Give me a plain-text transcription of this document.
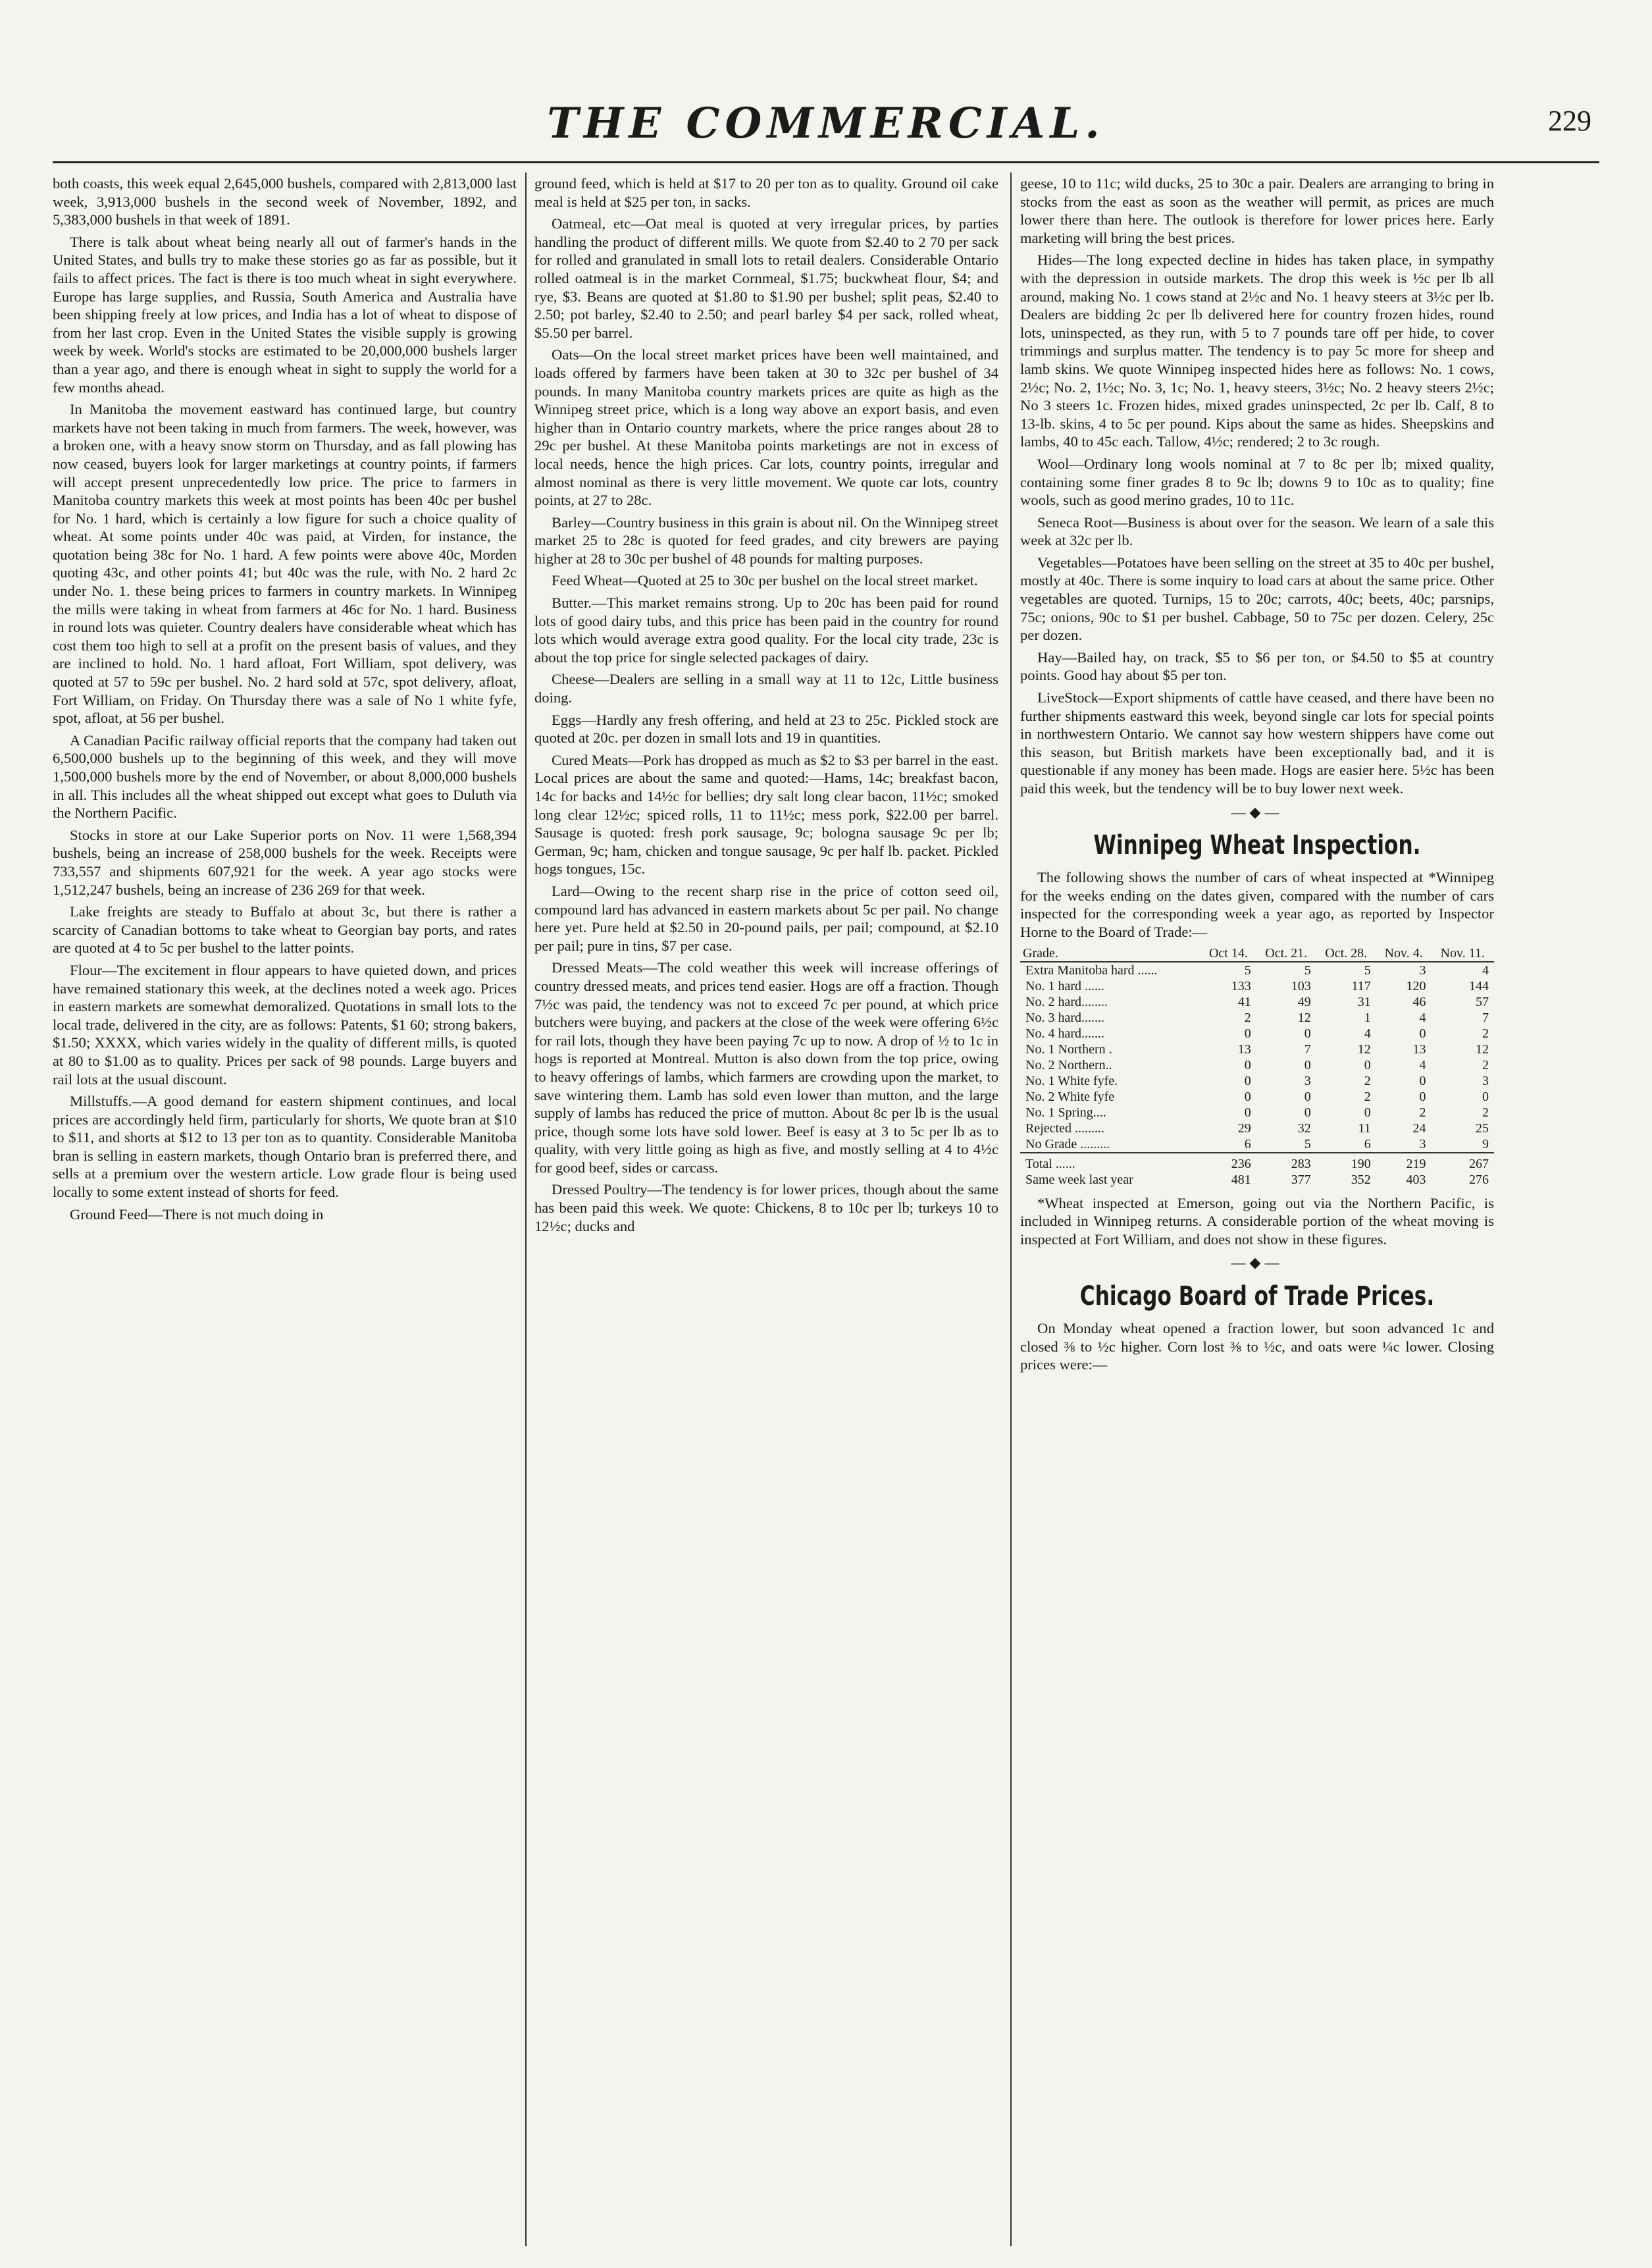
THE COMMERCIAL.	229

both coasts, this week equal 2,645,000 bushels, compared with 2,813,000 last week, 3,913,000 bushels in the second week of November, 1892, and 5,383,000 bushels in that week of 1891.

There is talk about wheat being nearly all out of farmer's hands in the United States, and bulls try to make these stories go as far as possible, but it fails to affect prices. The fact is there is too much wheat in sight everywhere. Europe has large supplies, and Russia, South America and Australia have been shipping freely at low prices, and India has a lot of wheat to dispose of from her last crop. Even in the United States the visible supply is growing week by week. World's stocks are estimated to be 20,000,000 bushels larger than a year ago, and there is enough wheat in sight to supply the world for a few months ahead.

In Manitoba the movement eastward has continued large, but country markets have not been taking in much from farmers. The week, however, was a broken one, with a heavy snow storm on Thursday, and as fall plowing has now ceased, buyers look for larger marketings at country points, if farmers will accept present unprecedentedly low price. The price to farmers in Manitoba country markets this week at most points has been 40c per bushel for No. 1 hard, which is certainly a low figure for such a choice quality of wheat. At some points under 40c was paid, at Virden, for instance, the quotation being 38c for No. 1 hard. A few points were above 40c, Morden quoting 43c, and other points 41; but 40c was the rule, with No. 2 hard 2c under No. 1. these being prices to farmers in country markets. In Winnipeg the mills were taking in wheat from farmers at 46c for No. 1 hard. Business in round lots was quieter. Country dealers have considerable wheat which has cost them too high to sell at a profit on the present basis of values, and they are inclined to hold. No. 1 hard afloat, Fort William, spot delivery, was quoted at 57 to 59c per bushel. No. 2 hard sold at 57c, spot delivery, afloat, Fort William, on Friday. On Thursday there was a sale of No 1 white fyfe, spot, afloat, at 56 per bushel.

A Canadian Pacific railway official reports that the company had taken out 6,500,000 bushels up to the beginning of this week, and they will move 1,500,000 bushels more by the end of November, or about 8,000,000 bushels in all. This includes all the wheat shipped out except what goes to Duluth via the Northern Pacific.

Stocks in store at our Lake Superior ports on Nov. 11 were 1,568,394 bushels, being an increase of 258,000 bushels for the week. Receipts were 733,557 and shipments 607,921 for the week. A year ago stocks were 1,512,247 bushels, being an increase of 236 269 for that week.

Lake freights are steady to Buffalo at about 3c, but there is rather a scarcity of Canadian bottoms to take wheat to Georgian bay ports, and rates are quoted at 4 to 5c per bushel to the latter points.

Flour—The excitement in flour appears to have quieted down, and prices have remained stationary this week, at the declines noted a week ago. Prices in eastern markets are somewhat demoralized. Quotations in small lots to the local trade, delivered in the city, are as follows: Patents, $1 60; strong bakers, $1.50; XXXX, which varies widely in the quality of different mills, is quoted at 80 to $1.00 as to quality. Prices per sack of 98 pounds. Large buyers and rail lots at the usual discount.

Millstuffs.—A good demand for eastern shipment continues, and local prices are accordingly held firm, particularly for shorts, We quote bran at $10 to $11, and shorts at $12 to 13 per ton as to quantity. Considerable Manitoba bran is selling in eastern markets, though Ontario bran is preferred there, and sells at a premium over the western article. Low grade flour is being used locally to some extent instead of shorts for feed.

Ground Feed—There is not much doing in

ground feed, which is held at $17 to 20 per ton as to quality. Ground oil cake meal is held at $25 per ton, in sacks.

Oatmeal, etc—Oat meal is quoted at very irregular prices, by parties handling the product of different mills. We quote from $2.40 to 2 70 per sack for rolled and granulated in small lots to retail dealers. Considerable Ontario rolled oatmeal is in the market Cornmeal, $1.75; buckwheat flour, $4; and rye, $3. Beans are quoted at $1.80 to $1.90 per bushel; split peas, $2.40 to 2.50; pot barley, $2.40 to 2.50; and pearl barley $4 per sack, rolled wheat, $5.50 per barrel.

Oats—On the local street market prices have been well maintained, and loads offered by farmers have been taken at 30 to 32c per bushel of 34 pounds. In many Manitoba country markets prices are quite as high as the Winnipeg street price, which is a long way above an export basis, and even higher than in Ontario country markets, where the price ranges about 28 to 29c per bushel. At these Manitoba points marketings are not in excess of local needs, hence the high prices. Car lots, country points, irregular and almost nominal as there is very little movement. We quote car lots, country points, at 27 to 28c.

Barley—Country business in this grain is about nil. On the Winnipeg street market 25 to 28c is quoted for feed grades, and city brewers are paying higher at 28 to 30c per bushel of 48 pounds for malting purposes.

Feed Wheat—Quoted at 25 to 30c per bushel on the local street market.

Butter.—This market remains strong. Up to 20c has been paid for round lots of good dairy tubs, and this price has been paid in the country for round lots which would average extra good quality. For the local city trade, 23c is about the top price for single selected packages of dairy.

Cheese—Dealers are selling in a small way at 11 to 12c, Little business doing.

Eggs—Hardly any fresh offering, and held at 23 to 25c. Pickled stock are quoted at 20c. per dozen in small lots and 19 in quantities.

Cured Meats—Pork has dropped as much as $2 to $3 per barrel in the east. Local prices are about the same and quoted:—Hams, 14c; breakfast bacon, 14c for backs and 14½c for bellies; dry salt long clear bacon, 11½c; smoked long clear 12½c; spiced rolls, 11 to 11½c; mess pork, $22.00 per barrel. Sausage is quoted: fresh pork sausage, 9c; bologna sausage 9c per lb; German, 9c; ham, chicken and tongue sausage, 9c per half lb. packet. Pickled hogs tongues, 15c.

Lard—Owing to the recent sharp rise in the price of cotton seed oil, compound lard has advanced in eastern markets about 5c per pail. No change here yet. Pure held at $2.50 in 20-pound pails, per pail; compound, at $2.10 per pail; pure in tins, $7 per case.

Dressed Meats—The cold weather this week will increase offerings of country dressed meats, and prices tend easier. Hogs are off a fraction. Though 7½c was paid, the tendency was not to exceed 7c per pound, at which price butchers were buying, and packers at the close of the week were offering 6½c for rail lots, though they have been paying 7c up to now. A drop of ½ to 1c in hogs is reported at Montreal. Mutton is also down from the top price, owing to heavy offerings of lambs, which farmers are crowding upon the market, to save wintering them. Lamb has sold even lower than mutton, and the large supply of lambs has reduced the price of mutton. About 8c per lb is the usual price, though some lots have sold lower. Beef is easy at 3 to 5c per lb as to quality, with very little going as high as five, and mostly selling at 4 to 4½c for good beef, sides or carcass.

Dressed Poultry—The tendency is for lower prices, though about the same has been paid this week. We quote: Chickens, 8 to 10c per lb; turkeys 10 to 12½c; ducks and

geese, 10 to 11c; wild ducks, 25 to 30c a pair. Dealers are arranging to bring in stocks from the east as soon as the weather will permit, as prices are much lower there than here. The outlook is therefore for lower prices here. Early marketing will bring the best prices.

Hides—The long expected decline in hides has taken place, in sympathy with the depression in outside markets. The drop this week is ½c per lb all around, making No. 1 cows stand at 2½c and No. 1 heavy steers at 3½c per lb. Dealers are bidding 2c per lb delivered here for country frozen hides, round lots, uninspected, as they run, with 5 to 7 pounds tare off per hide, to cover trimmings and surplus matter. The tendency is to pay 5c more for sheep and lamb skins. We quote Winnipeg inspected hides here as follows: No. 1 cows, 2½c; No. 2, 1½c; No. 3, 1c; No. 1, heavy steers, 3½c; No. 2 heavy steers 2½c; No 3 steers 1c. Frozen hides, mixed grades uninspected, 2c per lb. Calf, 8 to 13-lb. skins, 4 to 5c per pound. Kips about the same as hides. Sheepskins and lambs, 40 to 45c each. Tallow, 4½c; rendered; 2 to 3c rough.

Wool—Ordinary long wools nominal at 7 to 8c per lb; mixed quality, containing some finer grades 8 to 9c lb; downs 9 to 10c as to quality; fine wools, such as good merino grades, 10 to 11c.

Seneca Root—Business is about over for the season. We learn of a sale this week at 32c per lb.

Vegetables—Potatoes have been selling on the street at 35 to 40c per bushel, mostly at 40c. There is some inquiry to load cars at about the same price. Other vegetables are quoted. Turnips, 15 to 20c; carrots, 40c; beets, 40c; parsnips, 75c; onions, 90c to $1 per bushel. Cabbage, 50 to 75c per dozen. Celery, 25c per dozen.

Hay—Bailed hay, on track, $5 to $6 per ton, or $4.50 to $5 at country points. Good hay about $5 per ton.

LiveStock—Export shipments of cattle have ceased, and there have been no further shipments eastward this week, beyond single car lots for special points in northwestern Ontario. We cannot say how western shippers have come out this season, but British markets have been exceptionally bad, and it is questionable if any money has been made. Hogs are easier here. 5½c has been paid this week, but the tendency will be to buy lower next week.

—◆—
Winnipeg Wheat Inspection.

The following shows the number of cars of wheat inspected at *Winnipeg for the weeks ending on the dates given, compared with the number of cars inspected for the corresponding week a year ago, as reported by Inspector Horne to the Board of Trade:—

Grade.	Oct 14.	Oct. 21.	Oct. 28.	Nov. 4.	Nov. 11.
Extra Manitoba hard ......	5	5	5	3	4
No. 1 hard ......	133	103	117	120	144
No. 2 hard........	41	49	31	46	57
No. 3 hard.......	2	12	1	4	7
No. 4 hard.......	0	0	4	0	2
No. 1 Northern .	13	7	12	13	12
No. 2 Northern..	0	0	0	4	2
No. 1 White fyfe.	0	3	2	0	3
No. 2 White fyfe	0	0	2	0	0
No. 1 Spring....	0	0	0	2	2
Rejected .........	29	32	11	24	25
No Grade .........	6	5	6	3	9
Total ......	236	283	190	219	267
Same week last year	481	377	352	403	276

*Wheat inspected at Emerson, going out via the Northern Pacific, is included in Winnipeg returns. A considerable portion of the wheat moving is inspected at Fort William, and does not show in these figures.

—◆—
Chicago Board of Trade Prices.

On Monday wheat opened a fraction lower, but soon advanced 1c and closed ⅜ to ½c higher. Corn lost ⅜ to ½c, and oats were ¼c lower. Closing prices were:—
